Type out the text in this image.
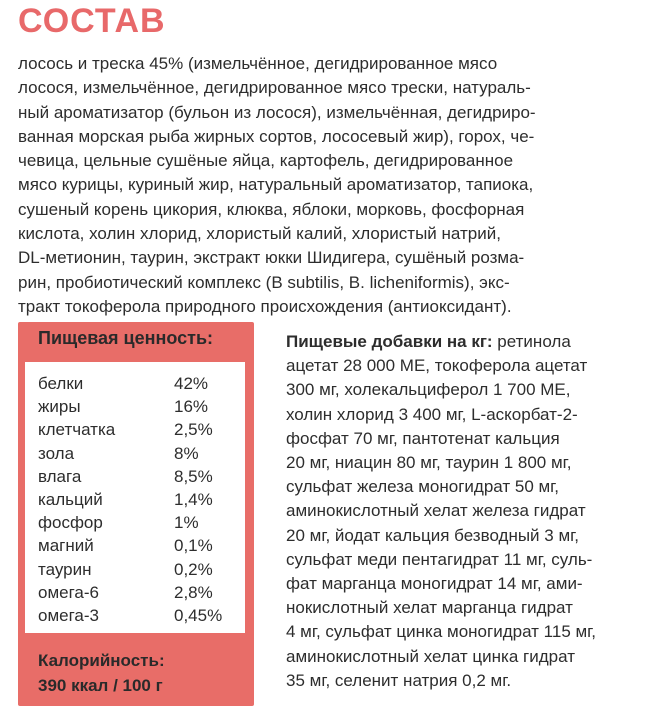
СОСТАВ
лосось и треска 45% (измельчённое, дегидрированное мясо
лосося, измельчённое, дегидрированное мясо трески, натураль-
ный ароматизатор (бульон из лосося), измельчённая, дегидриро-
ванная морская рыба жирных сортов, лососевый жир), горох, че-
чевица, цельные сушёные яйца, картофель, дегидрированное
мясо курицы, куриный жир, натуральный ароматизатор, тапиока,
сушеный корень цикория, клюква, яблоки, морковь, фосфорная
кислота, холин хлорид, хлористый калий, хлористый натрий,
DL-метионин, таурин, экстракт юкки Шидигера, сушёный розма-
рин, пробиотический комплекс (B subtilis, B. licheniformis), экс-
тракт токоферола природного происхождения (антиоксидант).
Пищевая ценность:
белки	42%
жиры	16%
клетчатка	2,5%
зола	8%
влага	8,5%
кальций	1,4%
фосфор	1%
магний	0,1%
таурин	0,2%
омега-6	2,8%
омега-3	0,45%
Калорийность:
390 ккал / 100 г
Пищевые добавки на кг: ретинола
ацетат 28 000 МЕ, токоферола ацетат
300 мг, холекальциферол 1 700 МЕ,
холин хлорид 3 400 мг, L-аскорбат-2-
фосфат 70 мг, пантотенат кальция
20 мг, ниацин 80 мг, таурин 1 800 мг,
сульфат железа моногидрат 50 мг,
аминокислотный хелат железа гидрат
20 мг, йодат кальция безводный 3 мг,
сульфат меди пентагидрат 11 мг, суль-
фат марганца моногидрат 14 мг, ами-
нокислотный хелат марганца гидрат
4 мг, сульфат цинка моногидрат 115 мг,
аминокислотный хелат цинка гидрат
35 мг, селенит натрия 0,2 мг.
